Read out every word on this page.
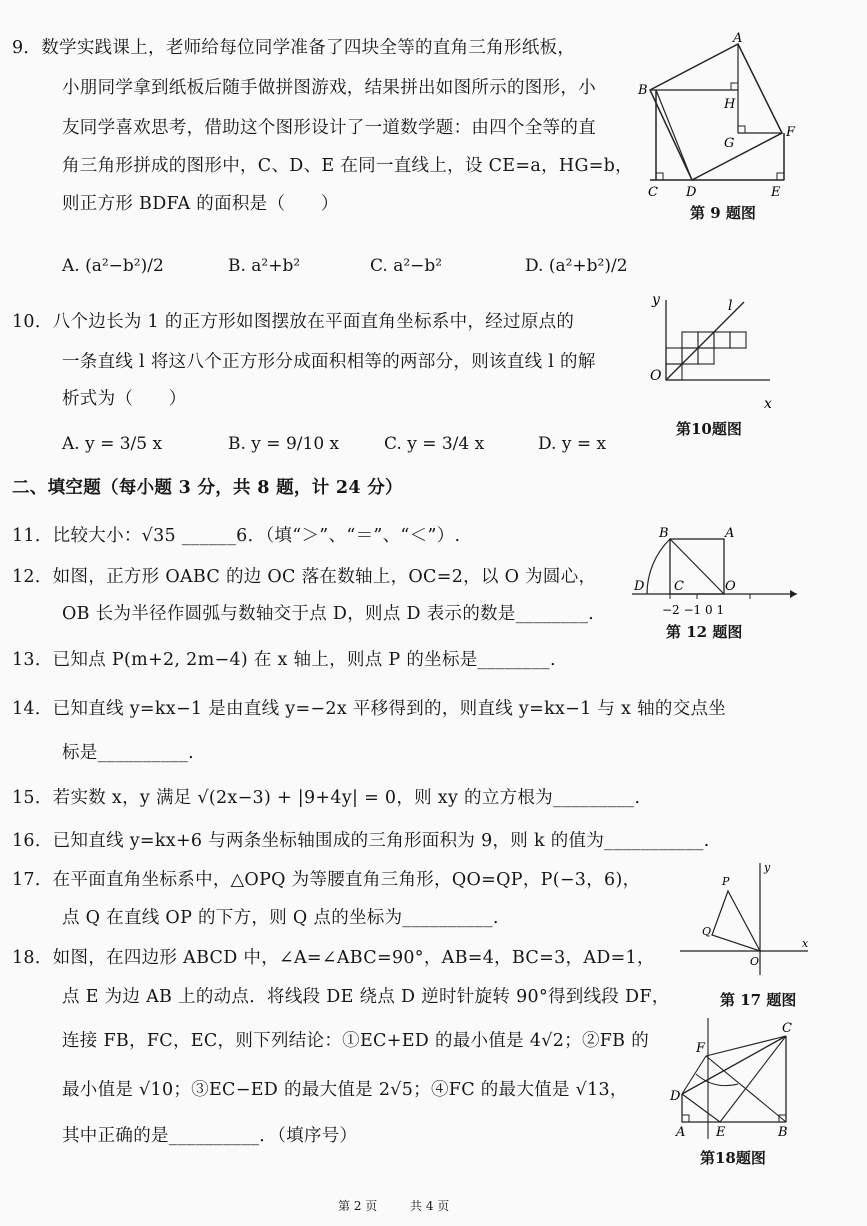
9．数学实践课上，老师给每位同学准备了四块全等的直角三角形纸板，
小朋同学拿到纸板后随手做拼图游戏，结果拼出如图所示的图形，小
友同学喜欢思考，借助这个图形设计了一道数学题：由四个全等的直
角三角形拼成的图形中，C、D、E 在同一直线上，设 CE=a，HG=b，
则正方形 BDFA 的面积是（　　）
A. (a²−b²)/2	B. a²+b²	C. a²−b²	D. (a²+b²)/2
A
B
H
G
F
C D	E
第 9 题图
10．八个边长为 1 的正方形如图摆放在平面直角坐标系中，经过原点的
一条直线 l 将这八个正方形分成面积相等的两部分，则该直线 l 的解
析式为（　　）
A. y = 3/5 x	B. y = 9/10 x	C. y = 3/4 x	D. y = x
y	l
O
x
第10题图
二、填空题（每小题 3 分，共 8 题，计 24 分）
11．比较大小：√35 ______6．（填“＞”、“＝”、“＜”）.
12．如图，正方形 OABC 的边 OC 落在数轴上，OC=2，以 O 为圆心，
OB 长为半径作圆弧与数轴交于点 D，则点 D 表示的数是________.
B	A
D C	O
−2 −1 0 1
第 12 题图
13．已知点 P(m+2, 2m−4) 在 x 轴上，则点 P 的坐标是________.
14．已知直线 y=kx−1 是由直线 y=−2x 平移得到的，则直线 y=kx−1 与 x 轴的交点坐
标是__________.
15．若实数 x，y 满足 √(2x−3) + |9+4y| = 0，则 xy 的立方根为_________.
16．已知直线 y=kx+6 与两条坐标轴围成的三角形面积为 9，则 k 的值为___________.
17．在平面直角坐标系中，△OPQ 为等腰直角三角形，QO=QP，P(−3，6)，
点 Q 在直线 OP 的下方，则 Q 点的坐标为__________.
y
P
Q
O
x
第 17 题图
18．如图，在四边形 ABCD 中，∠A=∠ABC=90°，AB=4，BC=3，AD=1，
点 E 为边 AB 上的动点．将线段 DE 绕点 D 逆时针旋转 90°得到线段 DF，
连接 FB，FC，EC，则下列结论：①EC+ED 的最小值是 4√2；②FB 的
最小值是 √10；③EC−ED 的最大值是 2√5；④FC 的最大值是 √13，
其中正确的是__________．（填序号）
C
F
D
A E	B
第18题图
第 2 页	共 4 页
